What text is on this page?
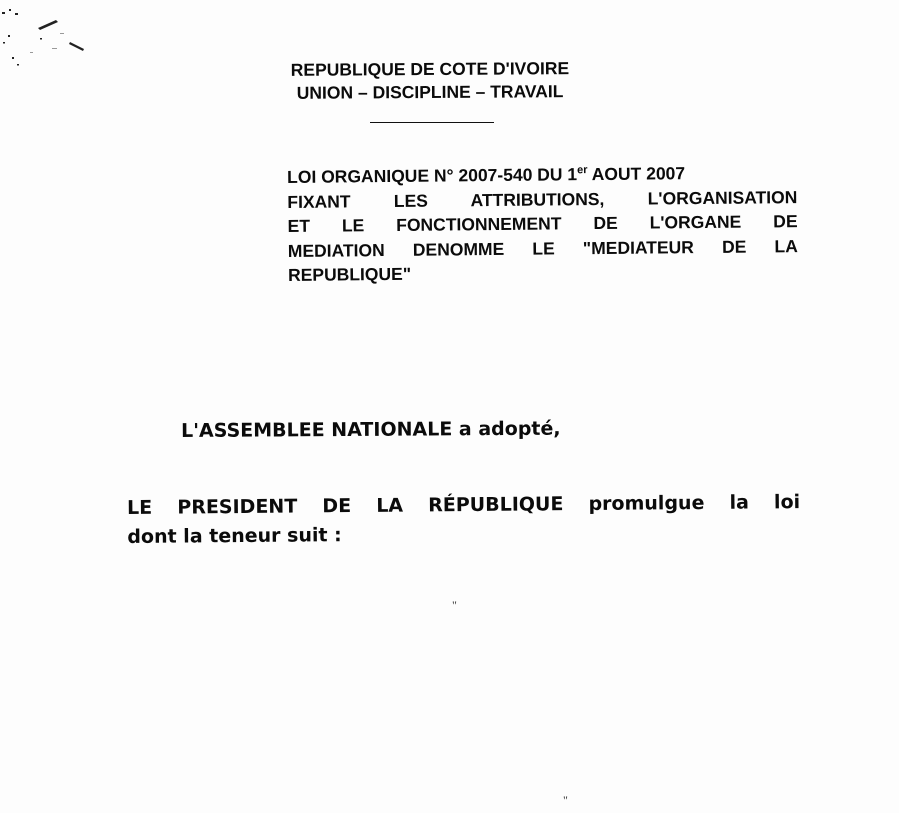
REPUBLIQUE DE COTE D'IVOIRE
UNION – DISCIPLINE – TRAVAIL
LOI ORGANIQUE N° 2007-540 DU 1er AOUT 2007
FIXANT LES ATTRIBUTIONS, L'ORGANISATION
ET LE FONCTIONNEMENT DE L'ORGANE DE
MEDIATION DENOMME LE "MEDIATEUR DE LA
REPUBLIQUE"
L'ASSEMBLEE NATIONALE a adopté,
LE PRESIDENT DE LA RÉPUBLIQUE promulgue la loi
dont la teneur suit :
"
"
